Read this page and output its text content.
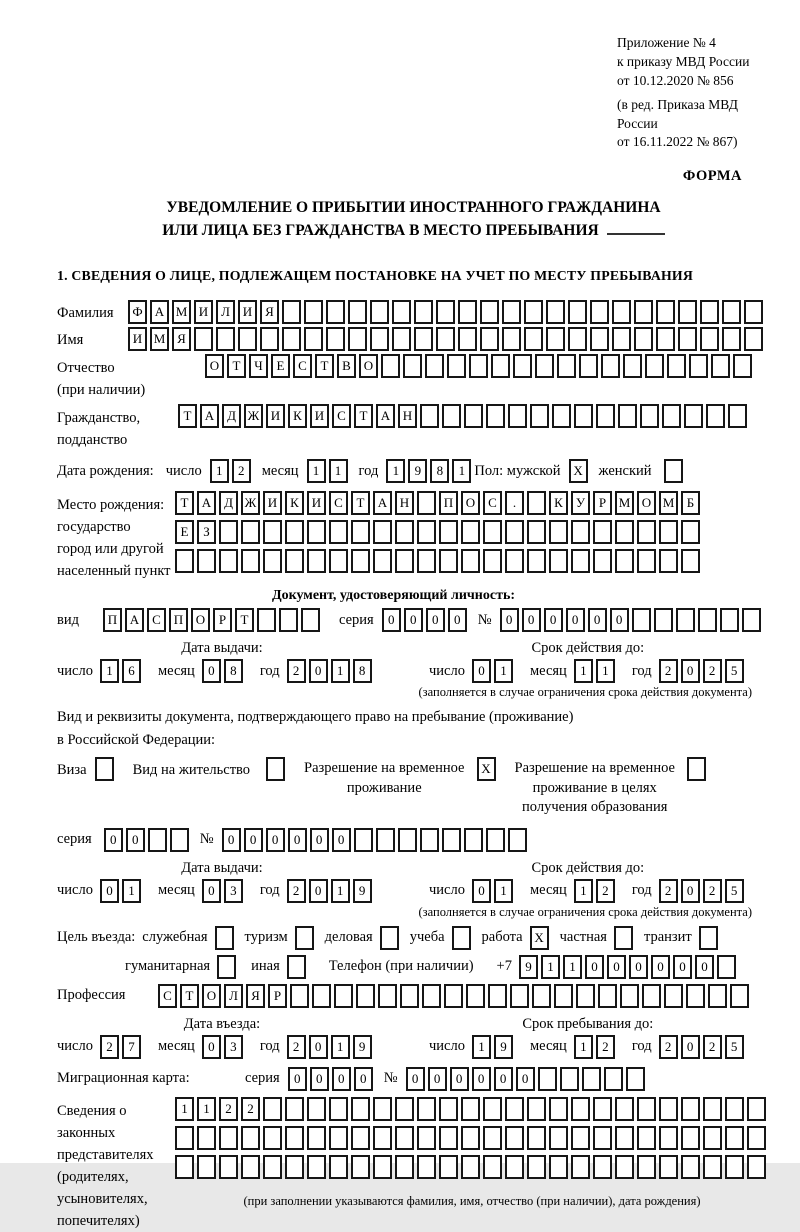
Приложение № 4
к приказу МВД России
от 10.12.2020 № 856
(в ред. Приказа МВД России
от 16.11.2022 № 867)
ФОРМА
УВЕДОМЛЕНИЕ О ПРИБЫТИИ ИНОСТРАННОГО ГРАЖДАНИНА
ИЛИ ЛИЦА БЕЗ ГРАЖДАНСТВА В МЕСТО ПРЕБЫВАНИЯ
1. СВЕДЕНИЯ О ЛИЦЕ, ПОДЛЕЖАЩЕМ ПОСТАНОВКЕ НА УЧЕТ ПО МЕСТУ ПРЕБЫВАНИЯ
Фамилия	Ф А М И Л И Я
Имя	И М Я
Отчество
(при наличии)
О	Т	Ч	Е	С	Т	В О
Гражданство,
подданство
Т	А Д Ж И К И С	Т	А Н
Дата рождения: число	1	2	месяц	1	1	год	1	9	8	1 Пол: мужской X	женский
Место рождения:
государство
город или другой
населенный пункт
Т	А Д Ж И К И С	Т	А Н	П О С	.	К	У	Р М О М Б
Е	З
Документ, удостоверяющий личность:
вид	П А С П О	Р	Т	серия	0	0	0	0	№	0	0	0	0	0	0
Дата выдачи:
число	1	6	месяц	0	8	год	2	0	1	8
Срок действия до:
число	0	1	месяц	1	1	год	2	0	2	5
(заполняется в случае ограничения срока действия документа)
Вид и реквизиты документа, подтверждающего право на пребывание (проживание)
в Российской Федерации:
Виза	Вид на жительство	Разрешение на временное
проживание
X	Разрешение на временное
проживание в целях
получения образования
серия	0	0	№	0	0	0	0	0	0
Дата выдачи:
число	0	1	месяц	0	3	год	2	0	1	9
Срок действия до:
число	0	1	месяц	1	2	год	2	0	2	5
(заполняется в случае ограничения срока действия документа)
Цель въезда: служебная	туризм	деловая	учеба	работа X	частная	транзит
гуманитарная	иная	Телефон (при наличии) +7	9	1	1	0	0	0	0	0	0
Профессия	С	Т	О Л	Я	Р
Дата въезда:
число	2	7	месяц	0	3	год	2	0	1	9
Срок пребывания до:
число	1	9	месяц	1	2	год	2	0	2	5
Миграционная карта:	серия	0	0	0	0	№	0	0	0	0	0	0
Сведения о
законных
представителях
(родителях,
усыновителях,
попечителях)
1	1	2	2
(при заполнении указываются фамилия, имя, отчество (при наличии), дата рождения)
